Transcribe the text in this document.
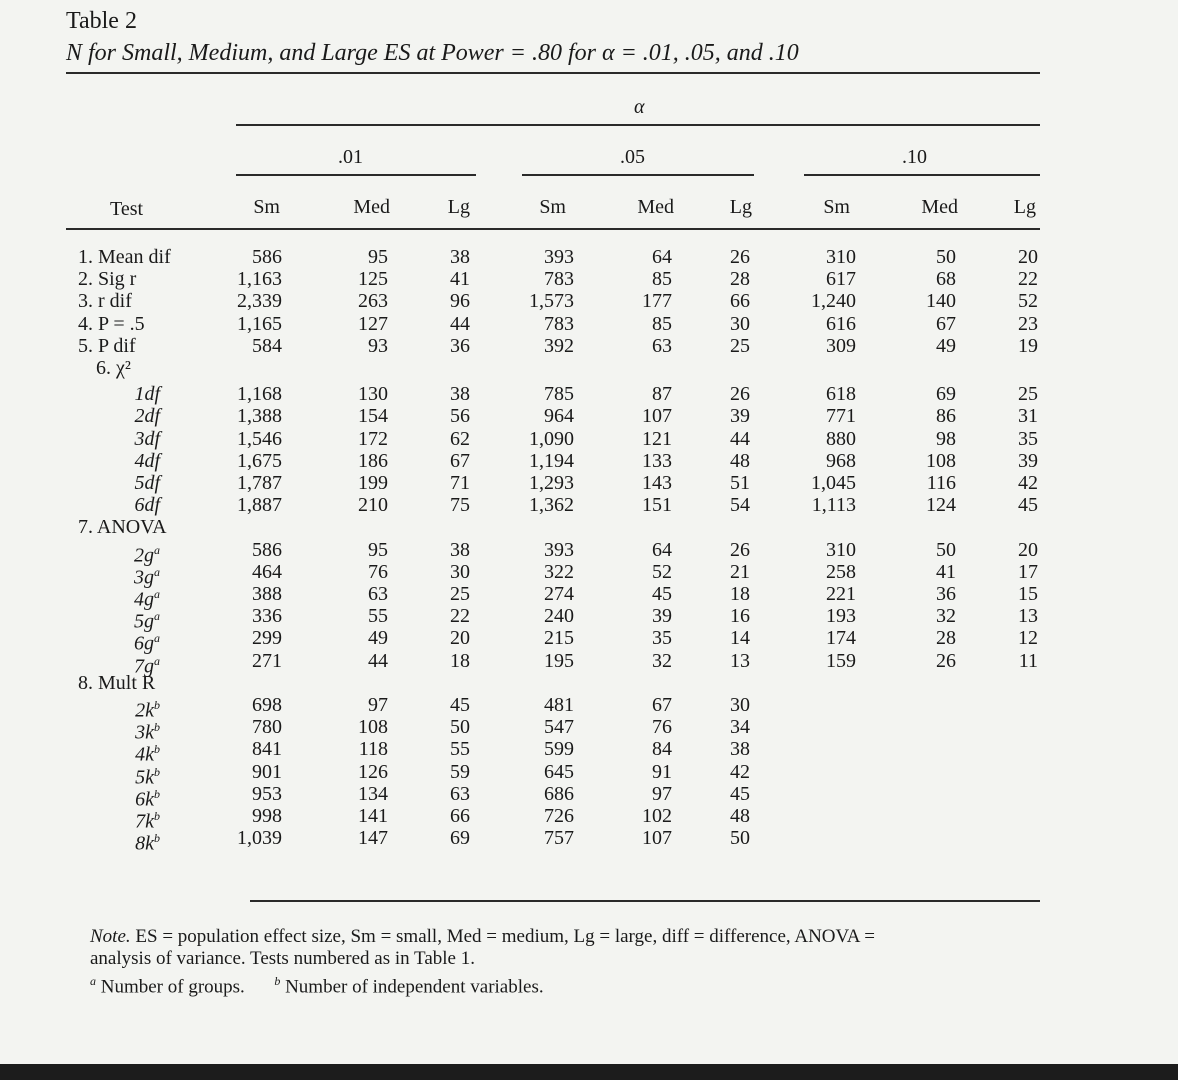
Table 2
N for Small, Medium, and Large ES at Power = .80 for α = .01, .05, and .10
α
.01	.05	.10
Test	Sm	Med	Lg	Sm	Med	Lg	Sm	Med	Lg
1. Mean dif	586	95	38	393	64	26	310	50	20
2. Sig r	1,163	125	41	783	85	28	617	68	22
3. r dif	2,339	263	96	1,573	177	66	1,240	140	52
4. P = .5	1,165	127	44	783	85	30	616	67	23
5. P dif	584	93	36	392	63	25	309	49	19
6. χ²
1df	1,168	130	38	785	87	26	618	69	25
2df	1,388	154	56	964	107	39	771	86	31
3df	1,546	172	62	1,090	121	44	880	98	35
4df	1,675	186	67	1,194	133	48	968	108	39
5df	1,787	199	71	1,293	143	51	1,045	116	42
6df	1,887	210	75	1,362	151	54	1,113	124	45
7. ANOVA
$2g^a$	586	95	38	393	64	26	310	50	20
$3g^a$	464	76	30	322	52	21	258	41	17
$4g^a$	388	63	25	274	45	18	221	36	15
$5g^a$	336	55	22	240	39	16	193	32	13
$6g^a$	299	49	20	215	35	14	174	28	12
$7g^a$	271	44	18	195	32	13	159	26	11
8. Mult R
$2k^b$	698	97	45	481	67	30
$3k^b$	780	108	50	547	76	34
$4k^b$	841	118	55	599	84	38
$5k^b$	901	126	59	645	91	42
$6k^b$	953	134	63	686	97	45
$7k^b$	998	141	66	726	102	48
$8k^b$	1,039	147	69	757	107	50
Note. ES = population effect size, Sm = small, Med = medium, Lg = large, diff = difference, ANOVA =
analysis of variance. Tests numbered as in Table 1.
$^a$ Number of groups. $^b$ Number of independent variables.
